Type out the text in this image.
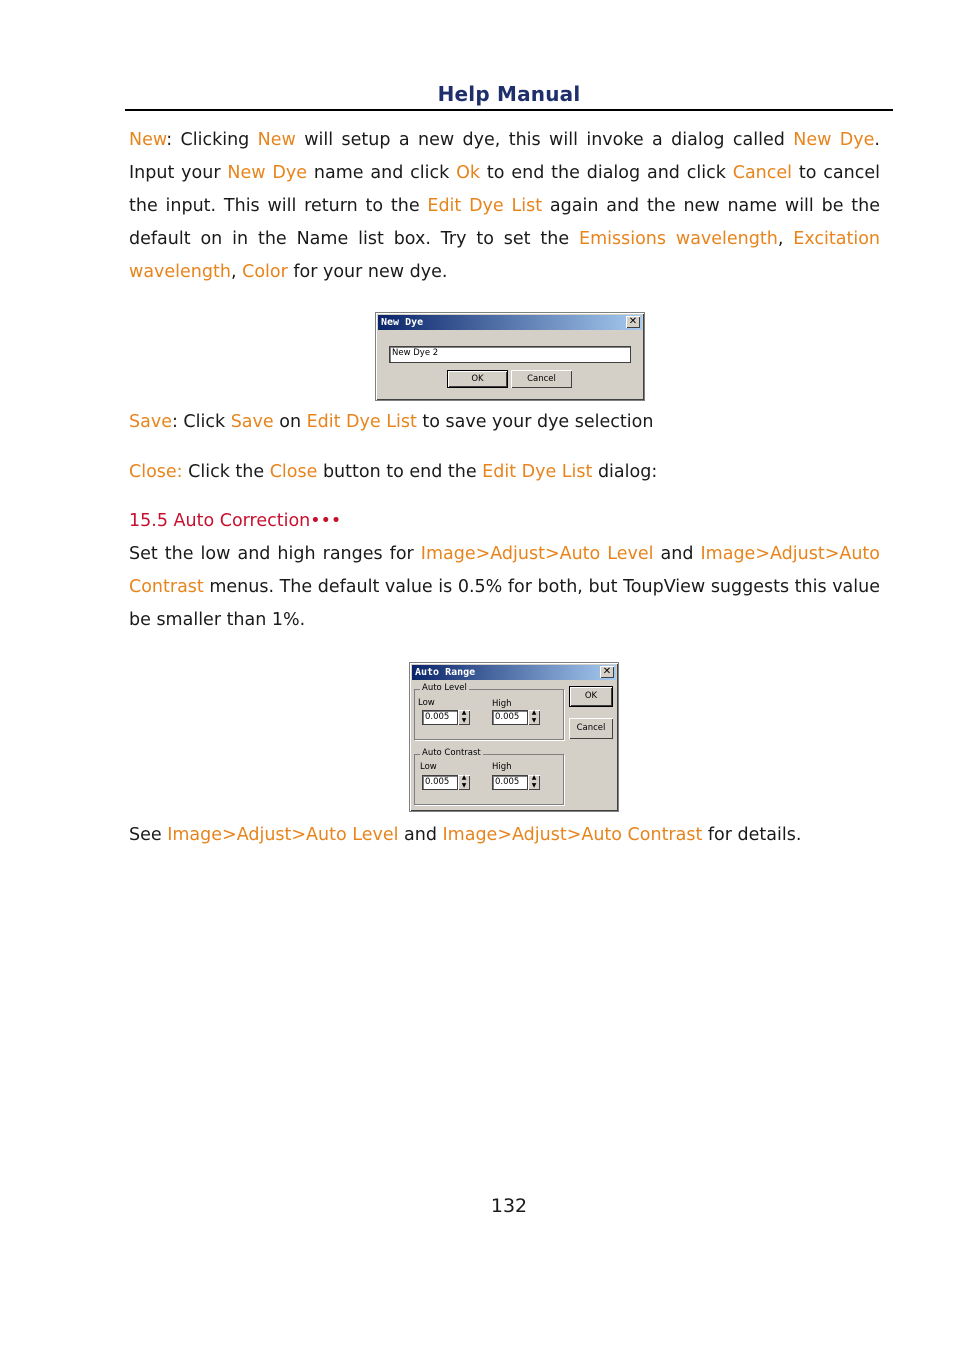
Help Manual

New: Clicking New will setup a new dye, this will invoke a dialog called New Dye. Input your New Dye name and click Ok to end the dialog and click Cancel to cancel the input. This will return to the Edit Dye List again and the new name will be the default on in the Name list box. Try to set the Emissions wavelength, Excitation wavelength, Color for your new dye.

New Dye	✕
New Dye 2
OK	Cancel

Save: Click Save on Edit Dye List to save your dye selection

Close: Click the Close button to end the Edit Dye List dialog:

15.5 Auto Correction•••

Set the low and high ranges for Image>Adjust>Auto Level and Image>Adjust>Auto Contrast menus. The default value is 0.5% for both, but ToupView suggests this value be smaller than 1%.

Auto Range	✕
Auto Level
Low	High
0.005	▲
▼	0.005	▲
▼
Auto Contrast
Low	High
0.005	▲
▼	0.005	▲
▼
OK
Cancel

See Image>Adjust>Auto Level and Image>Adjust>Auto Contrast for details.

132
